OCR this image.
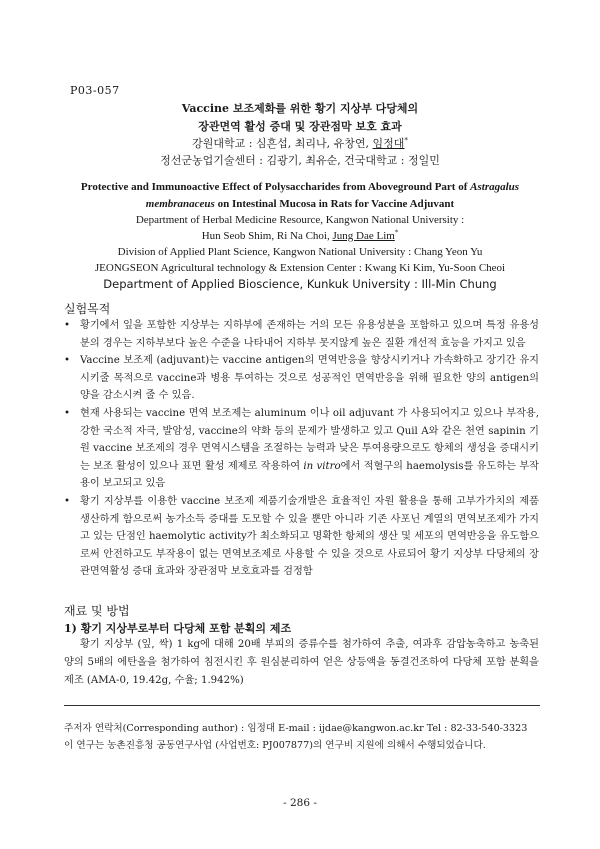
P03-057
Vaccine 보조제화를 위한 황기 지상부 다당체의
장관면역 활성 증대 및 장관점막 보호 효과
강원대학교 : 심흔섭, 최리나, 유창연, 임정대*
정선군농업기술센터 : 김광기, 최유순, 건국대학교 : 정일민
Protective and Immunoactive Effect of Polysaccharides from Aboveground Part of Astragalus
membranaceus on Intestinal Mucosa in Rats for Vaccine Adjuvant
Department of Herbal Medicine Resource, Kangwon National University :
Hun Seob Shim, Ri Na Choi, Jung Dae Lim*
Division of Applied Plant Science, Kangwon National University : Chang Yeon Yu
JEONGSEON Agricultural technology & Extension Center : Kwang Ki Kim, Yu-Soon Cheoi
Department of Applied Bioscience, Kunkuk University : Ill-Min Chung
실험목적
• 황기에서 잎을 포함한 지상부는 지하부에 존재하는 거의 모든 유용성분을 포함하고 있으며 특정 유용성분의 경우는 지하부보다 높은 수준을 나타내어 지하부 못지않게 높은 질환 개선적 효능을 가지고 있음
• Vaccine 보조제 (adjuvant)는 vaccine antigen의 면역반응을 향상시키거나 가속화하고 장기간 유지시키줄 목적으로 vaccine과 병용 투여하는 것으로 성공적인 면역반응을 위해 필요한 양의 antigen의 양을 감소시켜 줄 수 있음.
• 현재 사용되는 vaccine 면역 보조제는 aluminum 이나 oil adjuvant 가 사용되어지고 있으나 부작용, 강한 국소적 자극, 발암성, vaccine의 약화 등의 문제가 발생하고 있고 Quil A와 같은 천연 sapinin 기원 vaccine 보조제의 경우 면역시스템을 조절하는 능력과 낮은 투여용량으로도 항체의 생성을 증대시키는 보조 활성이 있으나 표면 활성 제제로 작용하여 in vitro에서 적혈구의 haemolysis를 유도하는 부작용이 보고되고 있음
• 황기 지상부를 이용한 vaccine 보조제 제품기술개발은 효율적인 자원 활용을 통해 고부가가치의 제품 생산하게 함으로써 농가소득 증대를 도모할 수 있을 뿐만 아니라 기존 사포닌 계열의 면역보조제가 가지고 있는 단점인 haemolytic activity가 최소화되고 명확한 항체의 생산 및 세포의 면역반응을 유도함으로써 안전하고도 부작용이 없는 면역보조제로 사용할 수 있을 것으로 사료되어 황기 지상부 다당체의 장관면역활성 증대 효과와 장관점막 보호효과를 검정함
재료 및 방법
1) 황기 지상부로부터 다당체 포함 분획의 제조
황기 지상부 (잎, 싹) 1 kg에 대해 20배 부피의 증류수를 첨가하여 추출, 여과후 감압농축하고 농축된 양의 5배의 에탄올을 첨가하여 침전시킨 후 원심분리하여 얻은 상등액을 동결건조하여 다당체 포함 분획을 제조 (AMA-0, 19.42g, 수율; 1.942%)
주저자 연락처(Corresponding author) : 임정대 E-mail : ijdae@kangwon.ac.kr Tel : 82-33-540-3323
이 연구는 농촌진흥청 공동연구사업 (사업번호: PJ007877)의 연구비 지원에 의해서 수행되었습니다.
- 286 -
